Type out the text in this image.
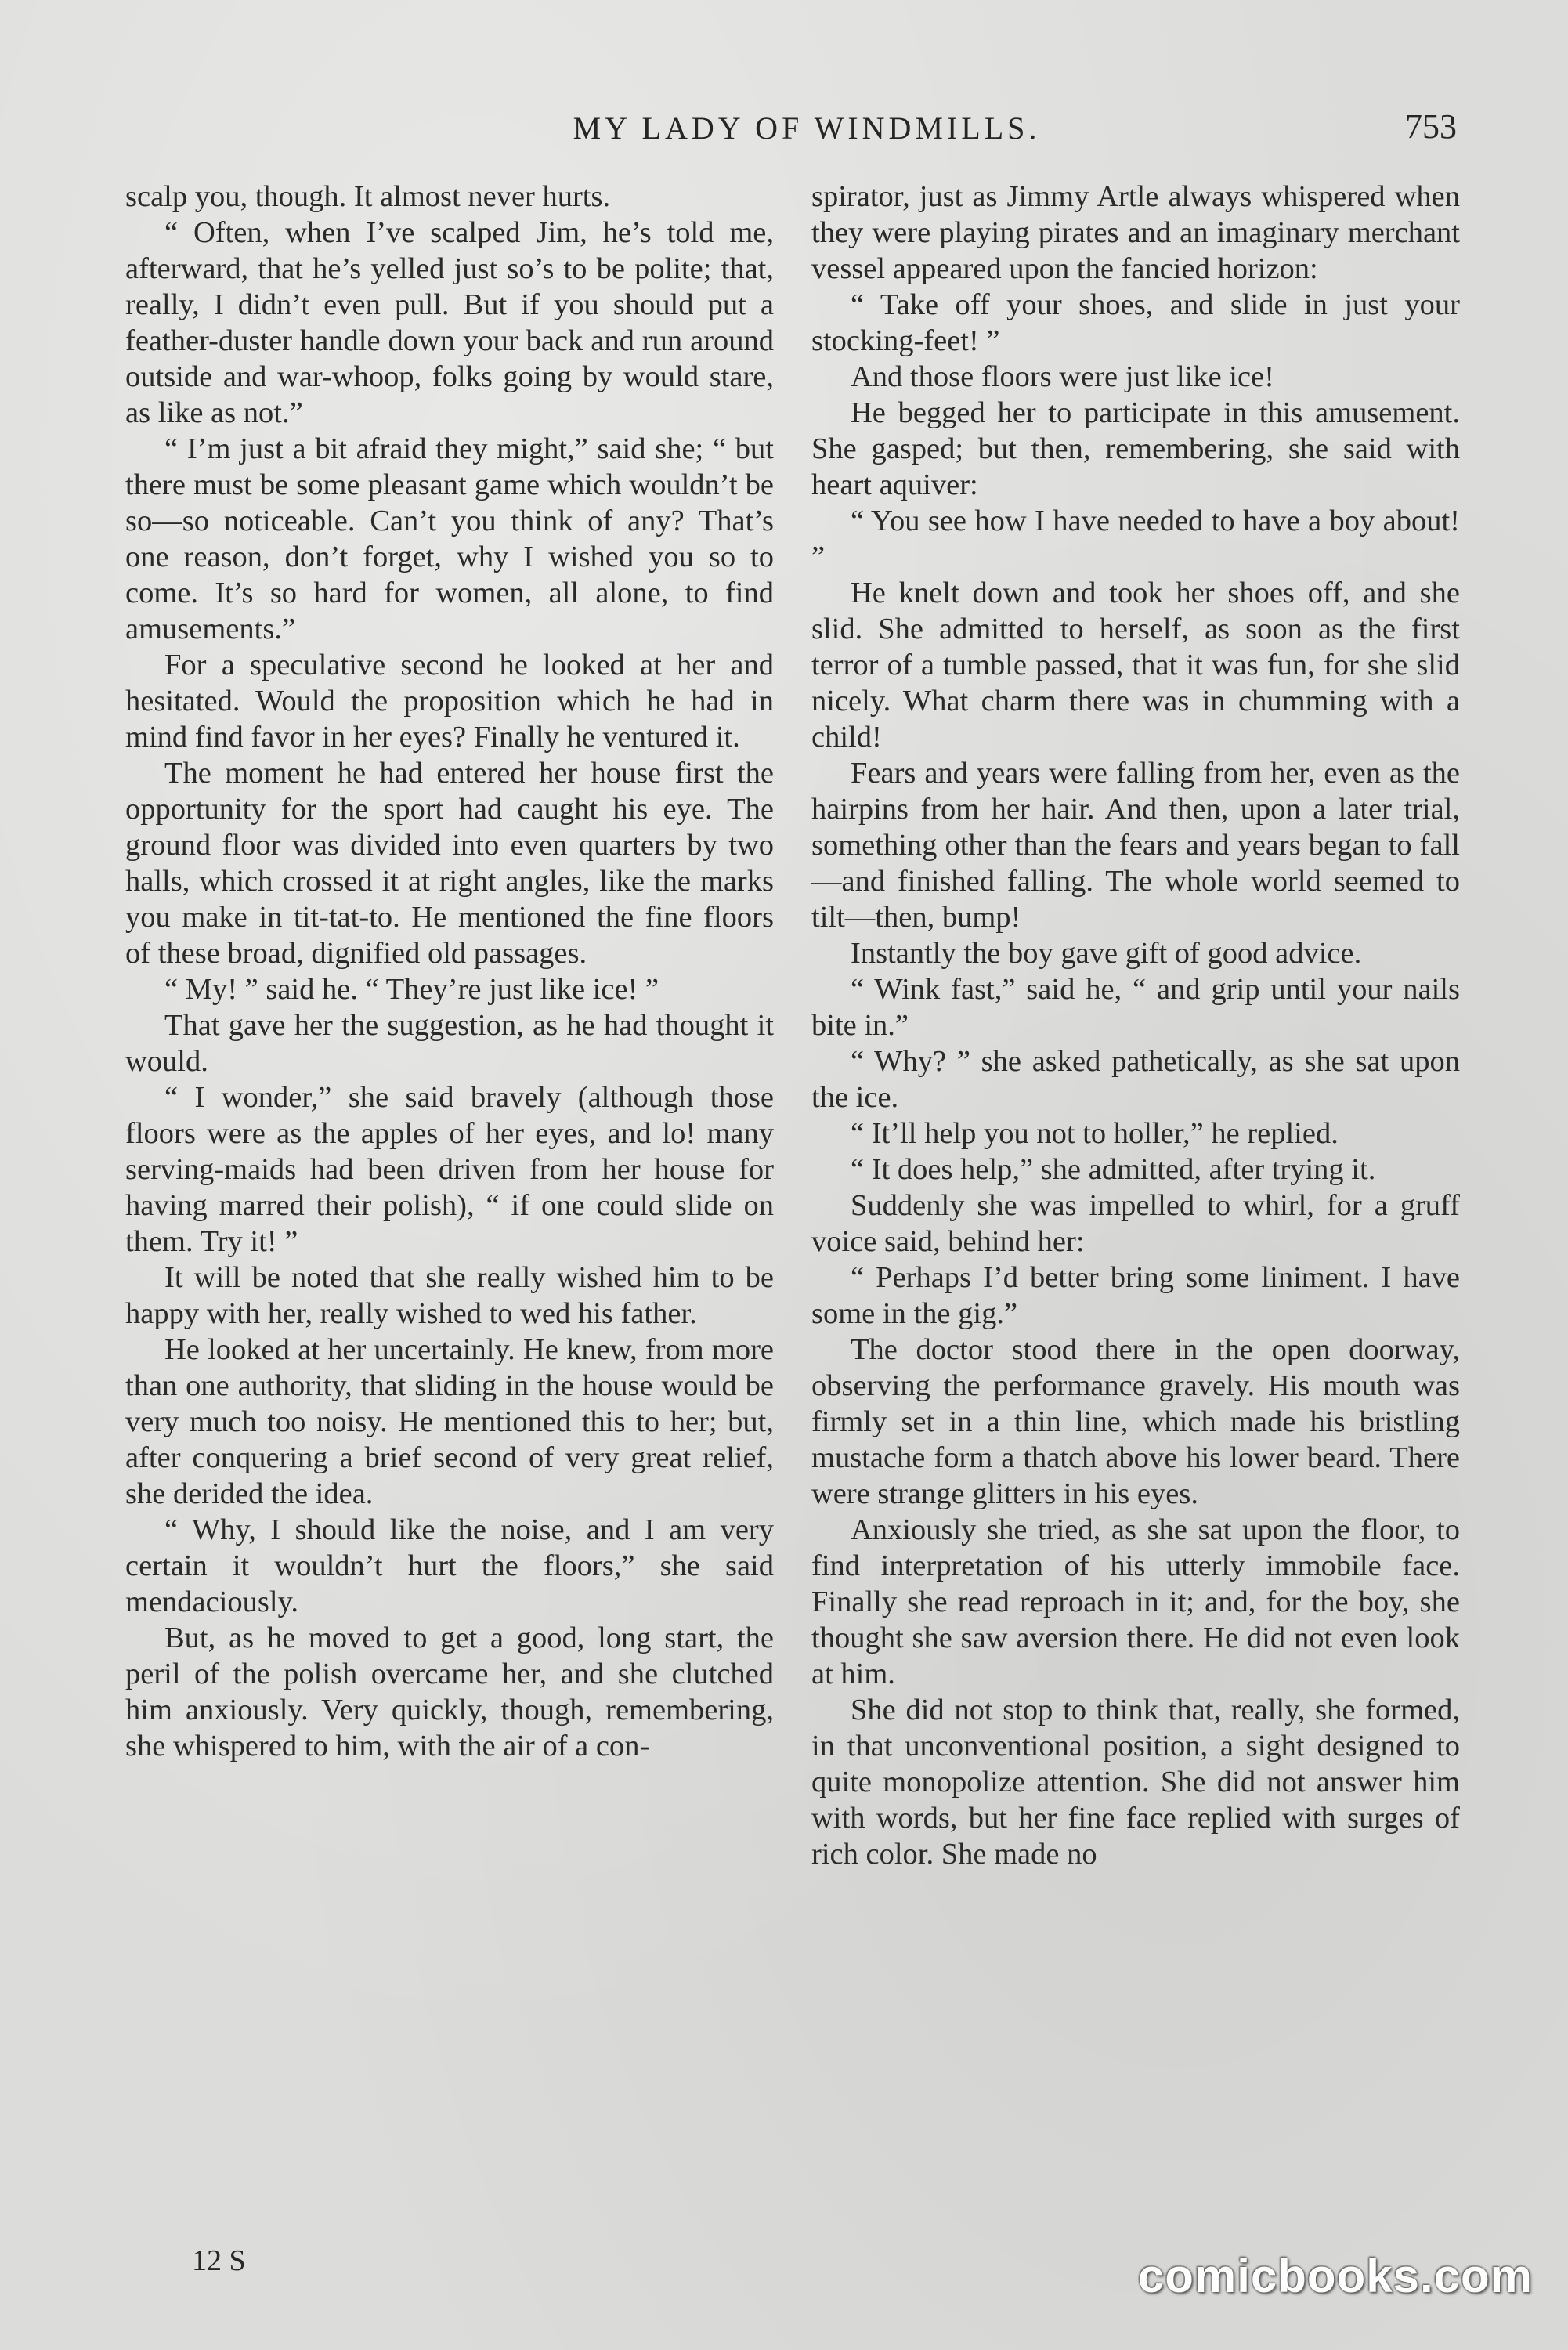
MY LADY OF WINDMILLS.	753

scalp you, though. It almost never hurts.

“ Often, when I’ve scalped Jim, he’s told me, afterward, that he’s yelled just so’s to be polite; that, really, I didn’t even pull. But if you should put a feather-duster handle down your back and run around outside and war-whoop, folks going by would stare, as like as not.”

“ I’m just a bit afraid they might,” said she; “ but there must be some pleasant game which wouldn’t be so—so noticeable. Can’t you think of any? That’s one reason, don’t forget, why I wished you so to come. It’s so hard for women, all alone, to find amusements.”

For a speculative second he looked at her and hesitated. Would the proposition which he had in mind find favor in her eyes? Finally he ventured it.

The moment he had entered her house first the opportunity for the sport had caught his eye. The ground floor was divided into even quarters by two halls, which crossed it at right angles, like the marks you make in tit-tat-to. He mentioned the fine floors of these broad, dignified old passages.

“ My! ” said he. “ They’re just like ice! ”

That gave her the suggestion, as he had thought it would.

“ I wonder,” she said bravely (although those floors were as the apples of her eyes, and lo! many serving-maids had been driven from her house for having marred their polish), “ if one could slide on them. Try it! ”

It will be noted that she really wished him to be happy with her, really wished to wed his father.

He looked at her uncertainly. He knew, from more than one authority, that sliding in the house would be very much too noisy. He mentioned this to her; but, after conquering a brief second of very great relief, she derided the idea.

“ Why, I should like the noise, and I am very certain it wouldn’t hurt the floors,” she said mendaciously.

But, as he moved to get a good, long start, the peril of the polish overcame her, and she clutched him anxiously. Very quickly, though, remembering, she whispered to him, with the air of a con-

spirator, just as Jimmy Artle always whispered when they were playing pirates and an imaginary merchant vessel appeared upon the fancied horizon:

“ Take off your shoes, and slide in just your stocking-feet! ”

And those floors were just like ice!

He begged her to participate in this amusement. She gasped; but then, remembering, she said with heart aquiver:

“ You see how I have needed to have a boy about! ”

He knelt down and took her shoes off, and she slid. She admitted to herself, as soon as the first terror of a tumble passed, that it was fun, for she slid nicely. What charm there was in chumming with a child!

Fears and years were falling from her, even as the hairpins from her hair. And then, upon a later trial, something other than the fears and years began to fall—and finished falling. The whole world seemed to tilt—then, bump!

Instantly the boy gave gift of good advice.

“ Wink fast,” said he, “ and grip until your nails bite in.”

“ Why? ” she asked pathetically, as she sat upon the ice.

“ It’ll help you not to holler,” he replied.

“ It does help,” she admitted, after trying it.

Suddenly she was impelled to whirl, for a gruff voice said, behind her:

“ Perhaps I’d better bring some liniment. I have some in the gig.”

The doctor stood there in the open doorway, observing the performance gravely. His mouth was firmly set in a thin line, which made his bristling mustache form a thatch above his lower beard. There were strange glitters in his eyes.

Anxiously she tried, as she sat upon the floor, to find interpretation of his utterly immobile face. Finally she read reproach in it; and, for the boy, she thought she saw aversion there. He did not even look at him.

She did not stop to think that, really, she formed, in that unconventional position, a sight designed to quite monopolize attention. She did not answer him with words, but her fine face replied with surges of rich color. She made no

12 S	comicbooks.com
